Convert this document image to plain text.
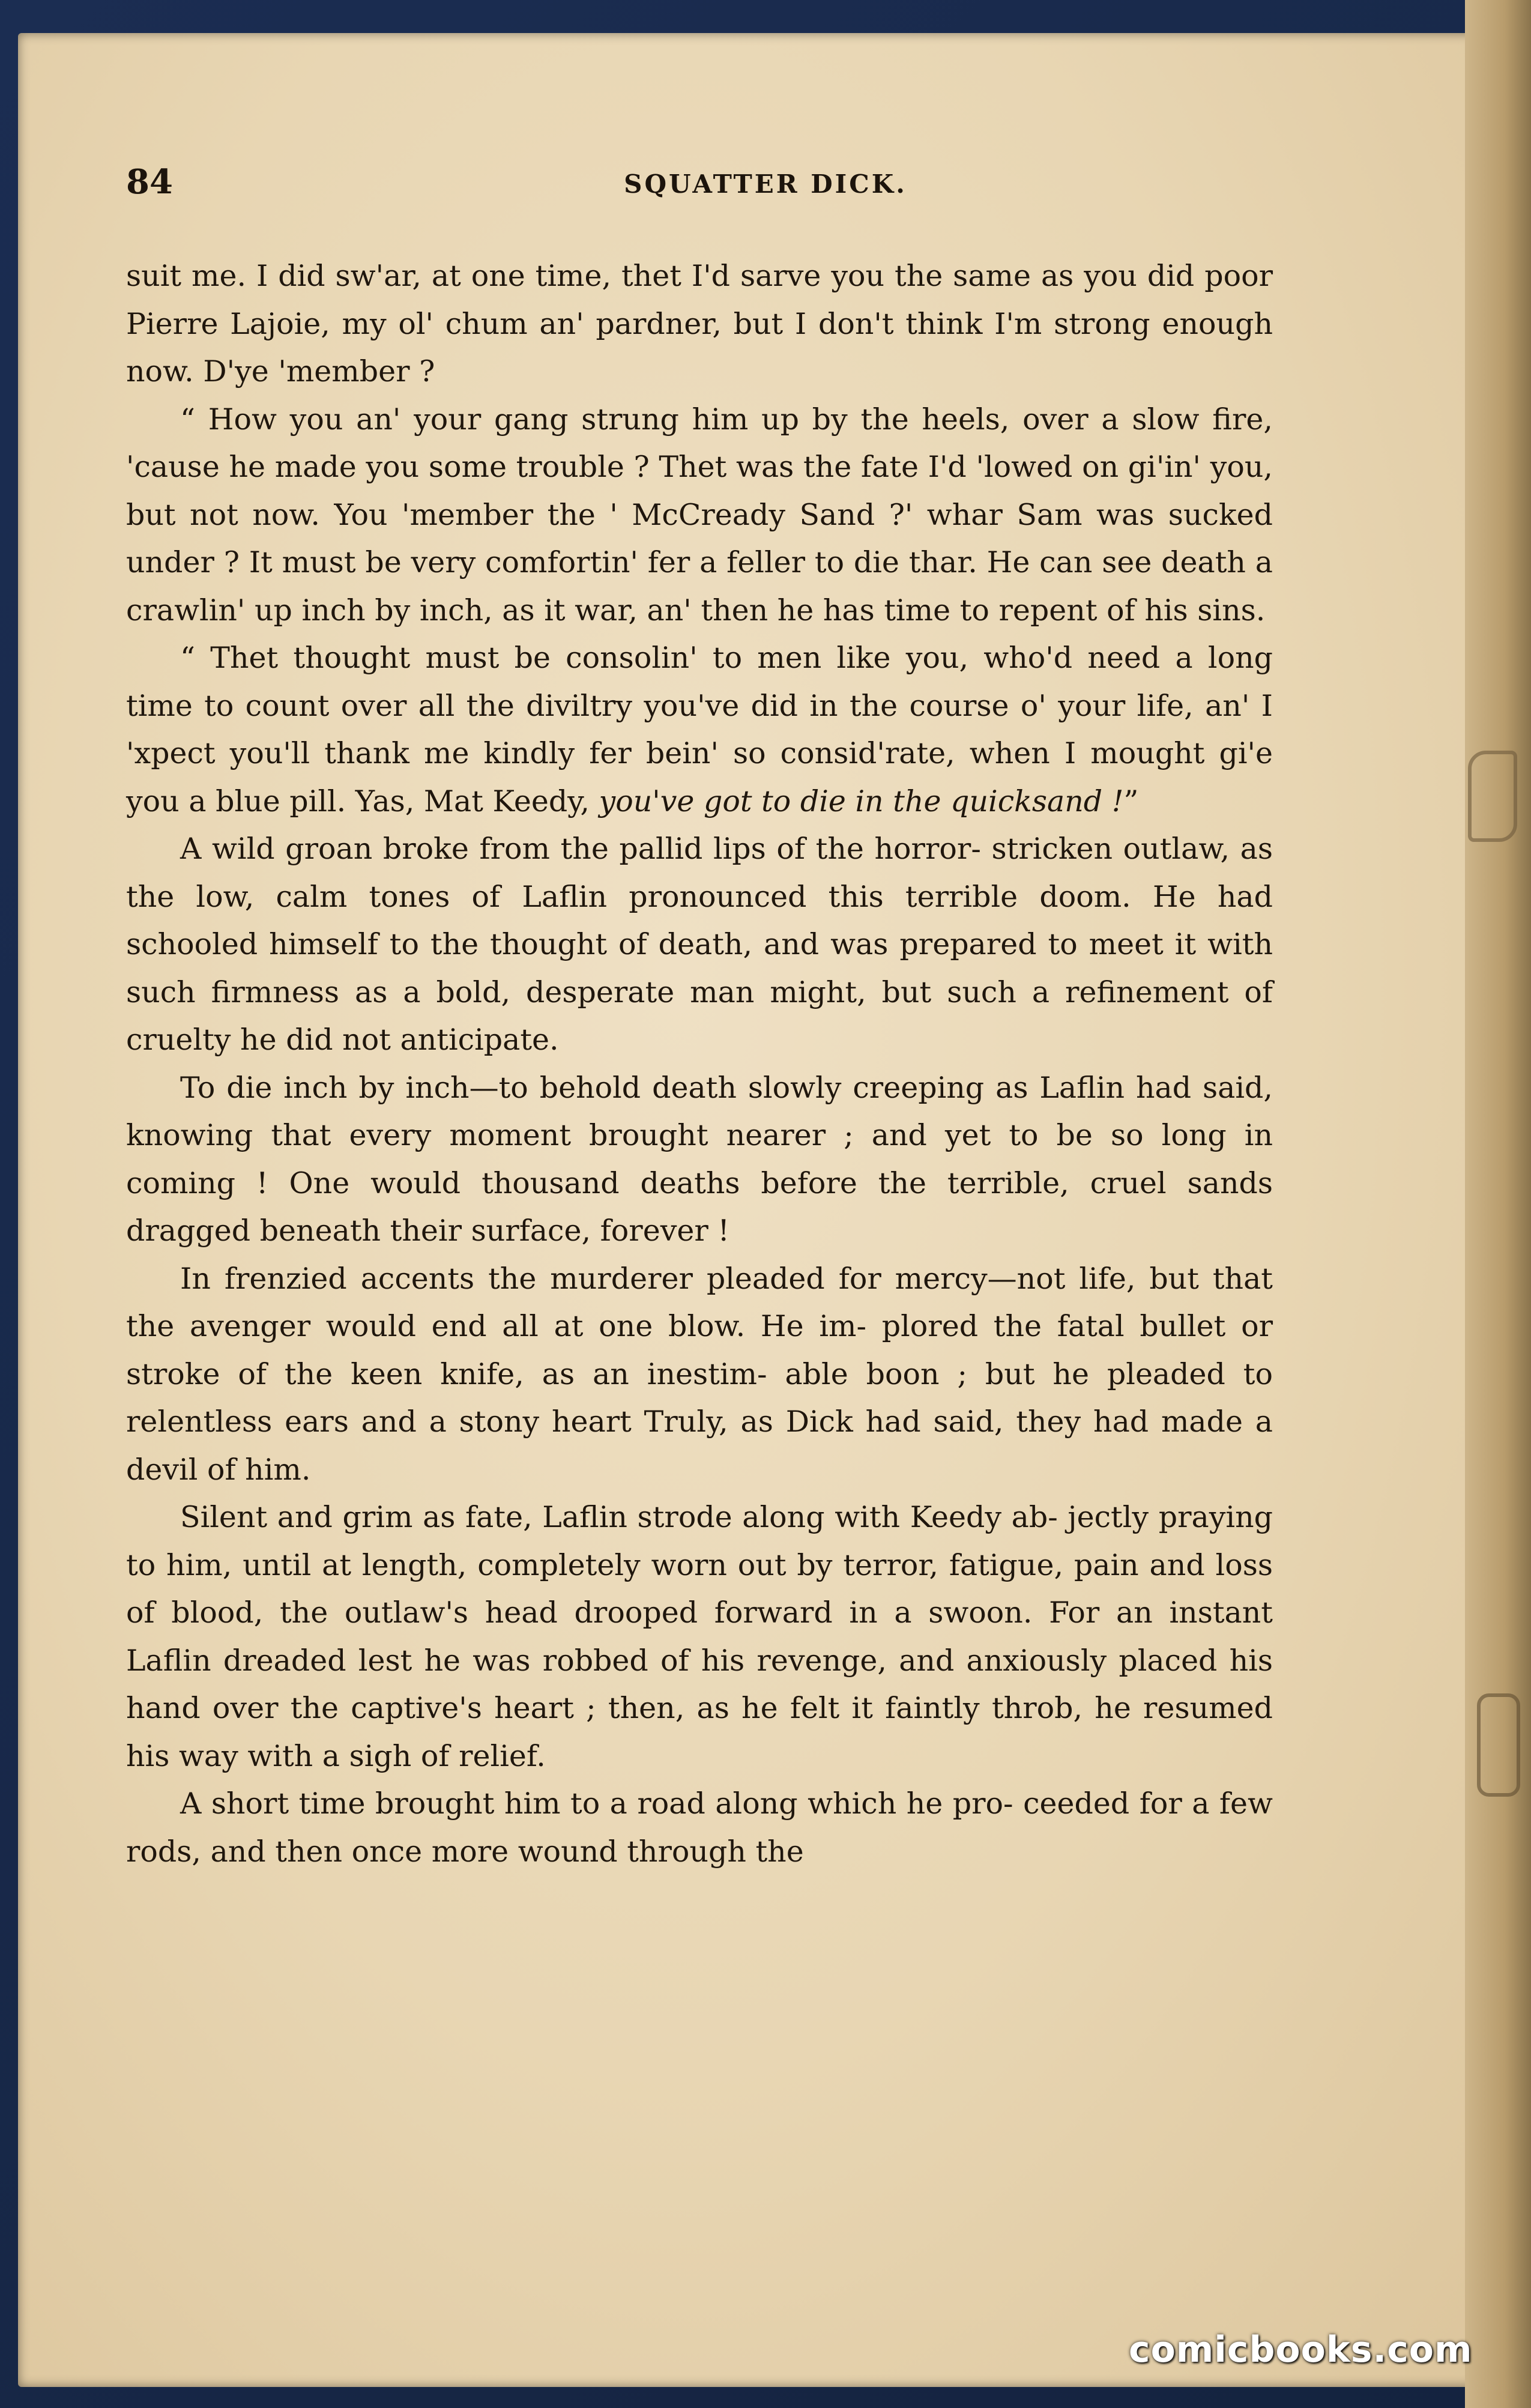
84	SQUATTER DICK.

suit me. I did sw'ar, at one time, thet I'd sarve you the same as you did poor Pierre Lajoie, my ol' chum an' pardner, but I don't think I'm strong enough now. D'ye 'member ?

“ How you an' your gang strung him up by the heels, over a slow fire, 'cause he made you some trouble ? Thet was the fate I'd 'lowed on gi'in' you, but not now. You 'member the ' McCready Sand ?' whar Sam was sucked under ? It must be very comfortin' fer a feller to die thar. He can see death a crawlin' up inch by inch, as it war, an' then he has time to repent of his sins.

“ Thet thought must be consolin' to men like you, who'd need a long time to count over all the diviltry you've did in the course o' your life, an' I 'xpect you'll thank me kindly fer bein' so consid'rate, when I mought gi'e you a blue pill. Yas, Mat Keedy, you've got to die in the quicksand !”

A wild groan broke from the pallid lips of the horror- stricken outlaw, as the low, calm tones of Laflin pronounced this terrible doom. He had schooled himself to the thought of death, and was prepared to meet it with such firmness as a bold, desperate man might, but such a refinement of cruelty he did not anticipate.

To die inch by inch—to behold death slowly creeping as Laflin had said, knowing that every moment brought nearer ; and yet to be so long in coming ! One would thousand deaths before the terrible, cruel sands dragged beneath their surface, forever !

In frenzied accents the murderer pleaded for mercy—not life, but that the avenger would end all at one blow. He im- plored the fatal bullet or stroke of the keen knife, as an inestim- able boon ; but he pleaded to relentless ears and a stony heart Truly, as Dick had said, they had made a devil of him.

Silent and grim as fate, Laflin strode along with Keedy ab- jectly praying to him, until at length, completely worn out by terror, fatigue, pain and loss of blood, the outlaw's head drooped forward in a swoon. For an instant Laflin dreaded lest he was robbed of his revenge, and anxiously placed his hand over the captive's heart ; then, as he felt it faintly throb, he resumed his way with a sigh of relief.

A short time brought him to a road along which he pro- ceeded for a few rods, and then once more wound through the

comicbooks.com
